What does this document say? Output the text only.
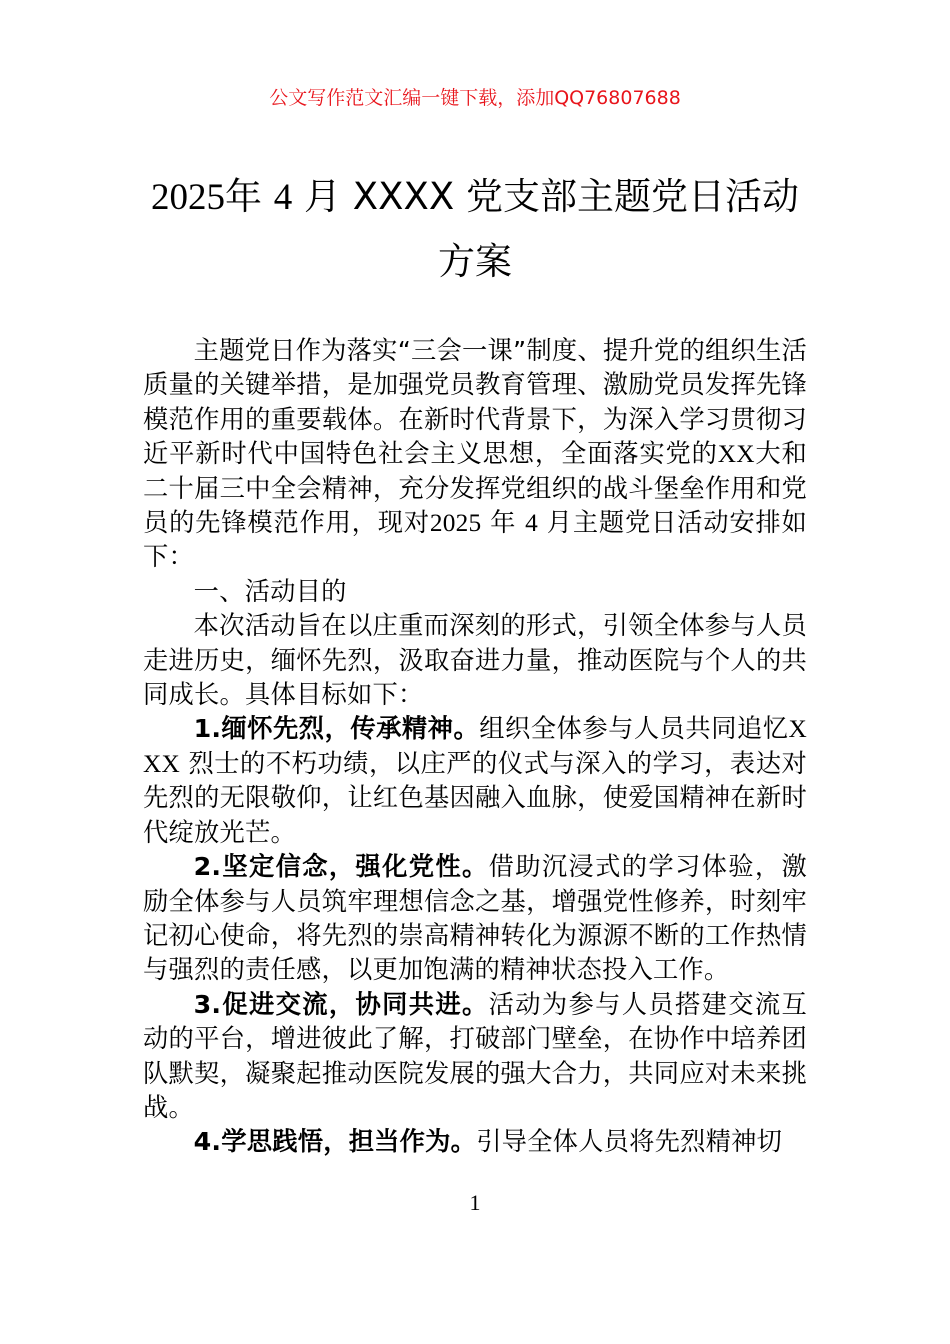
公文写作范文汇编一键下载，添加QQ76807688
2025年 4 月 XXXX 党支部主题党日活动方案

主题党日作为落实“三会一课”制度、提升党的组织生活质量的关键举措，是加强党员教育管理、激励党员发挥先锋模范作用的重要载体。在新时代背景下，为深入学习贯彻习近平新时代中国特色社会主义思想，全面落实党的XX大和二十届三中全会精神，充分发挥党组织的战斗堡垒作用和党员的先锋模范作用，现对2025 年 4 月主题党日活动安排如下：

一、活动目的

本次活动旨在以庄重而深刻的形式，引领全体参与人员走进历史，缅怀先烈，汲取奋进力量，推动医院与个人的共同成长。具体目标如下：

1.缅怀先烈，传承精神。组织全体参与人员共同追忆XXX 烈士的不朽功绩，以庄严的仪式与深入的学习，表达对先烈的无限敬仰，让红色基因融入血脉，使爱国精神在新时代绽放光芒。

2.坚定信念，强化党性。借助沉浸式的学习体验，激励全体参与人员筑牢理想信念之基，增强党性修养，时刻牢记初心使命，将先烈的崇高精神转化为源源不断的工作热情与强烈的责任感，以更加饱满的精神状态投入工作。

3.促进交流，协同共进。活动为参与人员搭建交流互动的平台，增进彼此了解，打破部门壁垒，在协作中培养团队默契，凝聚起推动医院发展的强大合力，共同应对未来挑战。

4.学思践悟，担当作为。引导全体人员将先烈精神切

1
